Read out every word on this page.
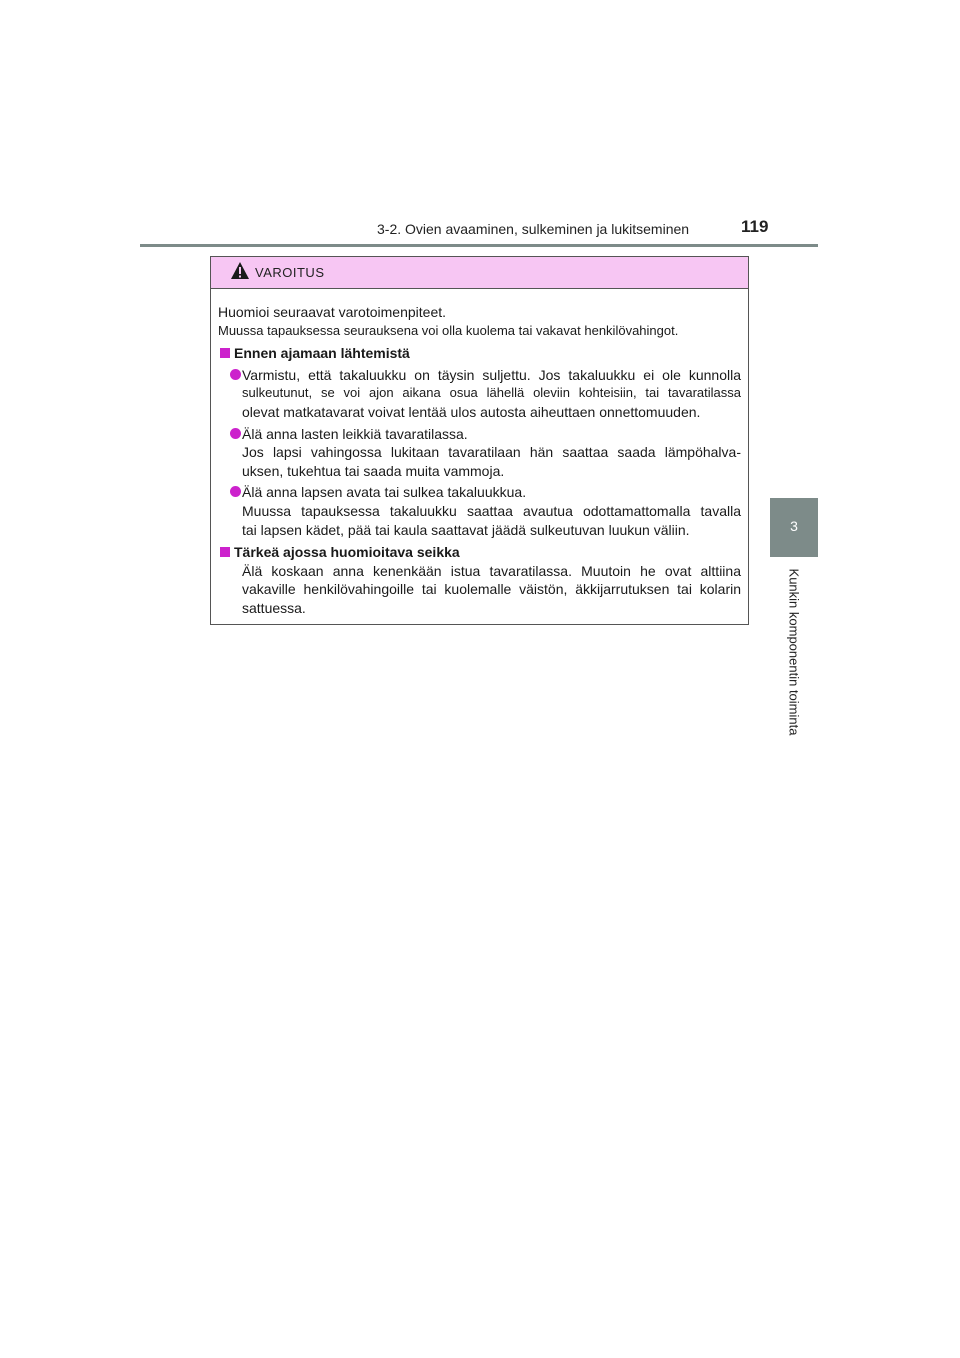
3-2. Ovien avaaminen, sulkeminen ja lukitseminen	119
3
Kunkin komponentin toiminta
VAROITUS

Huomioi seuraavat varotoimenpiteet.

Muussa tapauksessa seurauksena voi olla kuolema tai vakavat henkilövahingot.

Ennen ajamaan lähtemistä
Varmistu, että takaluukku on täysin suljettu. Jos takaluukku ei ole kunnolla
sulkeutunut, se voi ajon aikana osua lähellä oleviin kohteisiin, tai tavaratilassa
olevat matkatavarat voivat lentää ulos autosta aiheuttaen onnettomuuden.
Älä anna lasten leikkiä tavaratilassa.
Jos lapsi vahingossa lukitaan tavaratilaan hän saattaa saada lämpöhalva-
uksen, tukehtua tai saada muita vammoja.
Älä anna lapsen avata tai sulkea takaluukkua.
Muussa tapauksessa takaluukku saattaa avautua odottamattomalla tavalla
tai lapsen kädet, pää tai kaula saattavat jäädä sulkeutuvan luukun väliin.
Tärkeä ajossa huomioitava seikka
Älä koskaan anna kenenkään istua tavaratilassa. Muutoin he ovat alttiina
vakaville henkilövahingoille tai kuolemalle väistön, äkkijarrutuksen tai kolarin
sattuessa.
